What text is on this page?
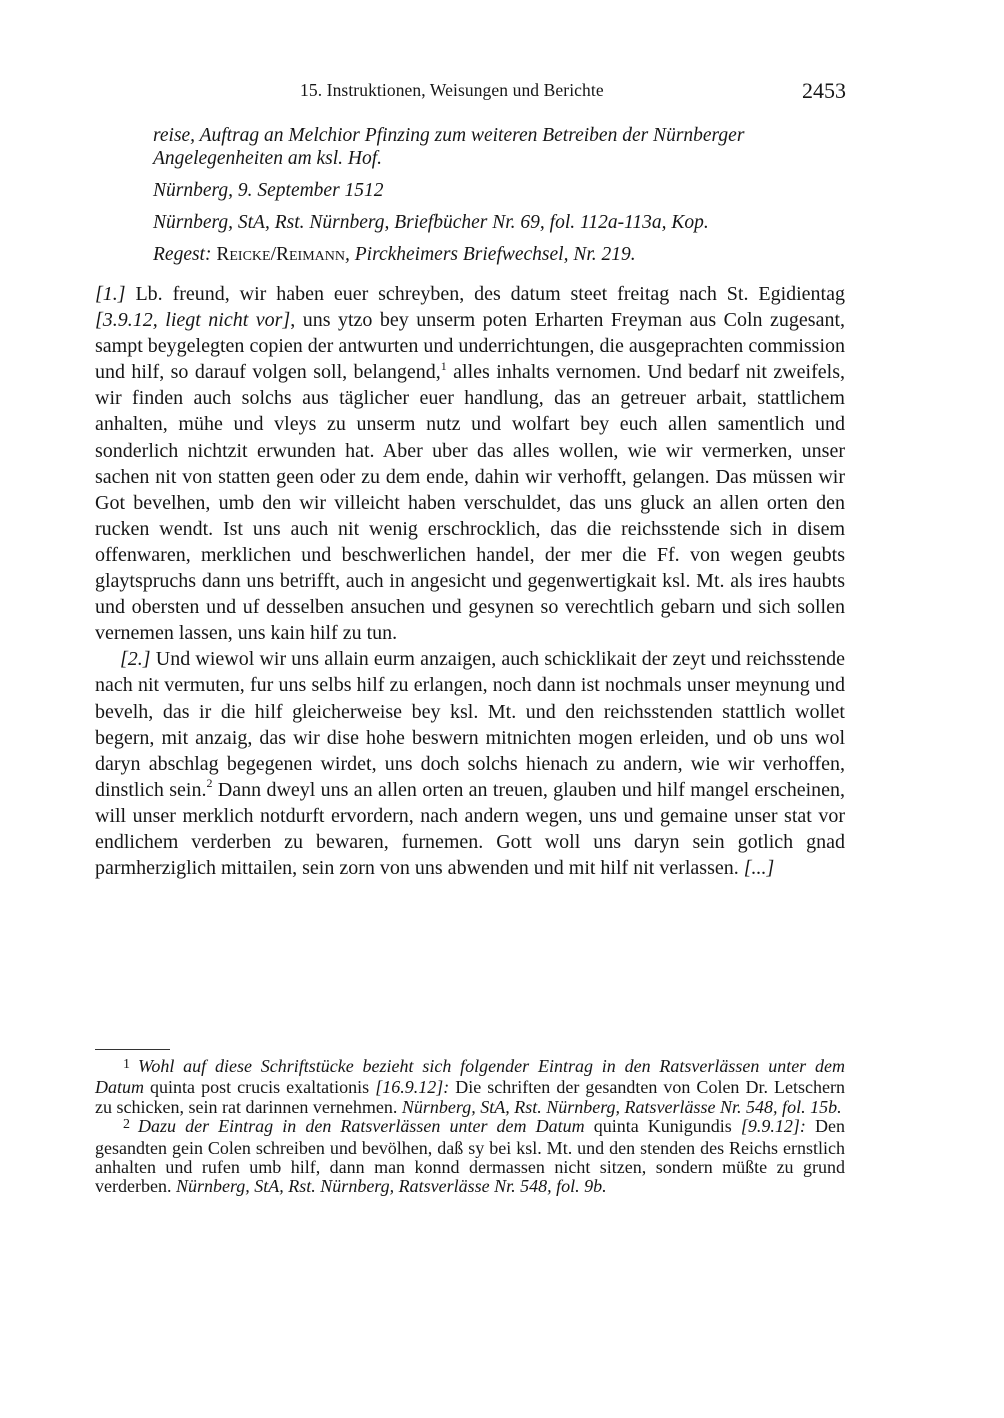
15. Instruktionen, Weisungen und Berichte	2453

reise, Auftrag an Melchior Pfinzing zum weiteren Betreiben der Nürnberger Angelegenheiten am ksl. Hof.

Nürnberg, 9. September 1512

Nürnberg, StA, Rst. Nürnberg, Briefbücher Nr. 69, fol. 112a-113a, Kop.

Regest: Reicke/Reimann, Pirckheimers Briefwechsel, Nr. 219.

[1.] Lb. freund, wir haben euer schreyben, des datum steet freitag nach St. Egidientag [3.9.12, liegt nicht vor], uns ytzo bey unserm poten Erharten Freyman aus Coln zugesant, sampt beygelegten copien der antwurten und underrichtungen, die ausgeprachten commission und hilf, so darauf volgen soll, belangend,$^1$ alles inhalts vernomen. Und bedarf nit zweifels, wir finden auch solchs aus täglicher euer handlung, das an getreuer arbait, stattlichem anhalten, mühe und vleys zu unserm nutz und wolfart bey euch allen samentlich und sonderlich nichtzit erwunden hat. Aber uber das alles wollen, wie wir vermerken, unser sachen nit von statten geen oder zu dem ende, dahin wir verhofft, gelangen. Das müssen wir Got bevelhen, umb den wir villeicht haben verschuldet, das uns gluck an allen orten den rucken wendt. Ist uns auch nit wenig erschrocklich, das die reichsstende sich in disem offenwaren, merklichen und beschwerlichen handel, der mer die Ff. von wegen geubts glaytspruchs dann uns betrifft, auch in angesicht und gegenwertigkait ksl. Mt. als ires haubts und obersten und uf desselben ansuchen und gesynen so verechtlich gebarn und sich sollen vernemen lassen, uns kain hilf zu tun.

[2.] Und wiewol wir uns allain eurm anzaigen, auch schicklikait der zeyt und reichsstende nach nit vermuten, fur uns selbs hilf zu erlangen, noch dann ist nochmals unser meynung und bevelh, das ir die hilf gleicherweise bey ksl. Mt. und den reichsstenden stattlich wollet begern, mit anzaig, das wir dise hohe beswern mitnichten mogen erleiden, und ob uns wol daryn abschlag begegenen wirdet, uns doch solchs hienach zu andern, wie wir verhoffen, dinstlich sein.$^2$ Dann dweyl uns an allen orten an treuen, glauben und hilf mangel erscheinen, will unser merklich notdurft ervordern, nach andern wegen, uns und gemaine unser stat vor endlichem verderben zu bewaren, furnemen. Gott woll uns daryn sein gotlich gnad parmherziglich mittailen, sein zorn von uns abwenden und mit hilf nit verlassen. [...]

$^1$ Wohl auf diese Schriftstücke bezieht sich folgender Eintrag in den Ratsverlässen unter dem Datum quinta post crucis exaltationis [16.9.12]: Die schriften der gesandten von Colen Dr. Letschern zu schicken, sein rat darinnen vernehmen. Nürnberg, StA, Rst. Nürnberg, Ratsverlässe Nr. 548, fol. 15b.

$^2$ Dazu der Eintrag in den Ratsverlässen unter dem Datum quinta Kunigundis [9.9.12]: Den gesandten gein Colen schreiben und bevölhen, daß sy bei ksl. Mt. und den stenden des Reichs ernstlich anhalten und rufen umb hilf, dann man konnd dermassen nicht sitzen, sondern müßte zu grund verderben. Nürnberg, StA, Rst. Nürnberg, Ratsverlässe Nr. 548, fol. 9b.
